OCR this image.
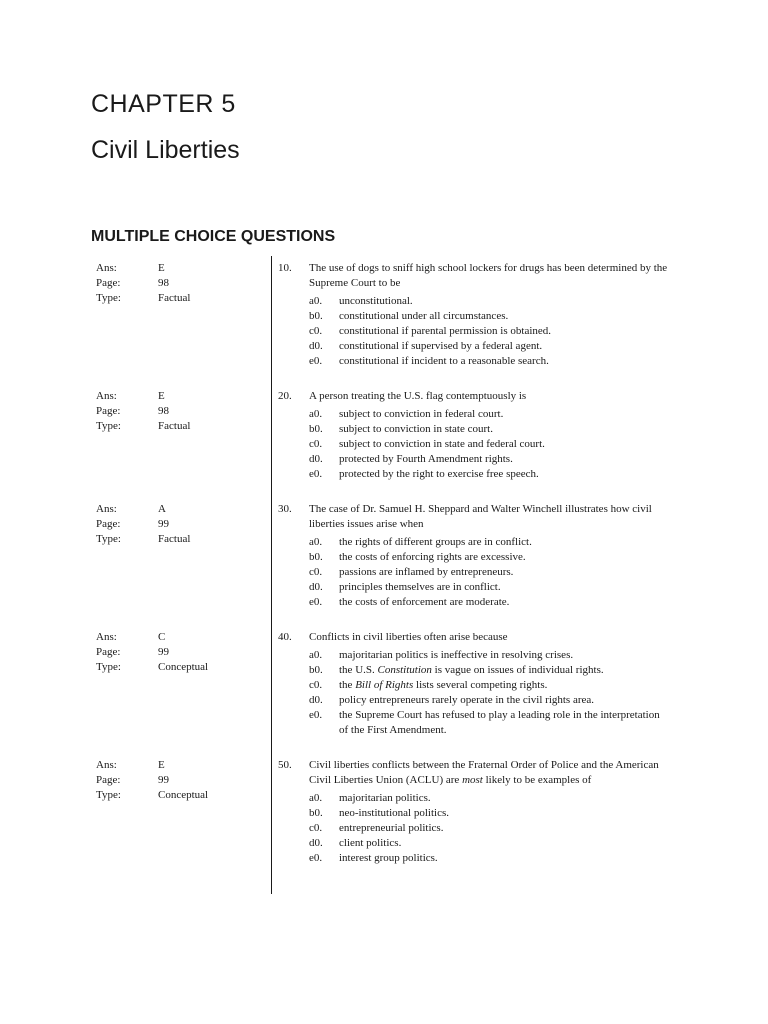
CHAPTER 5
Civil Liberties
MULTIPLE CHOICE QUESTIONS
Ans:	E
Page:	98
Type:	Factual
10. The use of dogs to sniff high school lockers for drugs has been determined by the Supreme Court to be

a0.	unconstitutional.
b0.	constitutional under all circumstances.
c0.	constitutional if parental permission is obtained.
d0.	constitutional if supervised by a federal agent.
e0.	constitutional if incident to a reasonable search.
Ans:	E
Page:	98
Type:	Factual
20. A person treating the U.S. flag contemptuously is

a0.	subject to conviction in federal court.
b0.	subject to conviction in state court.
c0.	subject to conviction in state and federal court.
d0.	protected by Fourth Amendment rights.
e0.	protected by the right to exercise free speech.
Ans:	A
Page:	99
Type:	Factual
30. The case of Dr. Samuel H. Sheppard and Walter Winchell illustrates how civil liberties issues arise when

a0.	the rights of different groups are in conflict.
b0.	the costs of enforcing rights are excessive.
c0.	passions are inflamed by entrepreneurs.
d0.	principles themselves are in conflict.
e0.	the costs of enforcement are moderate.
Ans:	C
Page:	99
Type:	Conceptual
40. Conflicts in civil liberties often arise because

a0.	majoritarian politics is ineffective in resolving crises.
b0.	the U.S. Constitution is vague on issues of individual rights.
c0.	the Bill of Rights lists several competing rights.
d0.	policy entrepreneurs rarely operate in the civil rights area.
e0.	the Supreme Court has refused to play a leading role in the interpretation of the First Amendment.
Ans:	E
Page:	99
Type:	Conceptual
50. Civil liberties conflicts between the Fraternal Order of Police and the American Civil Liberties Union (ACLU) are most likely to be examples of

a0.	majoritarian politics.
b0.	neo-institutional politics.
c0.	entrepreneurial politics.
d0.	client politics.
e0.	interest group politics.
